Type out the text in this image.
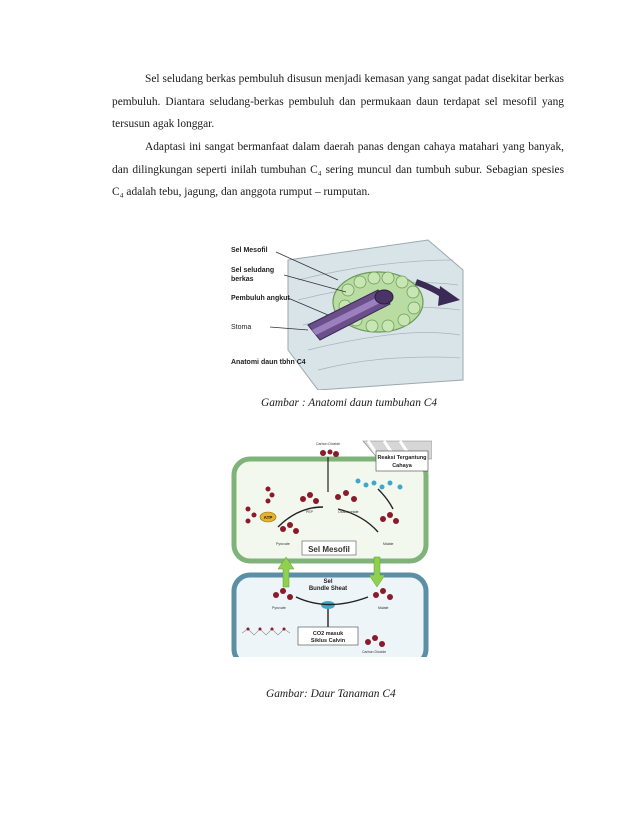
Sel seludang berkas pembuluh disusun menjadi kemasan yang sangat padat disekitar berkas pembuluh. Diantara seludang-berkas pembuluh dan permukaan daun terdapat sel mesofil yang tersusun agak longgar.

Adaptasi ini sangat bermanfaat dalam daerah panas dengan cahaya matahari yang banyak, dan dilingkungan seperti inilah tumbuhan C₄ sering muncul dan tumbuh subur. Sebagian spesies C₄ adalah tebu, jagung, dan anggota rumput – rumputan.

Sel Mesofil
Sel seludang
berkas
Pembuluh angkut
Anatomi daun tbhn C4
Stoma

Gambar : Anatomi daun tumbuhan C4

Reaksi Tergantung
Cahaya
Carbon Dioxide
ATP
Pyruvate	Malate
PEP	Oxaloacetate
Sel Mesofil
Sel
Bundle Sheat
Pyruvate	Malate
Carbon Dioxide
CO2 masuk
Siklus Calvin

Gambar: Daur Tanaman C4
